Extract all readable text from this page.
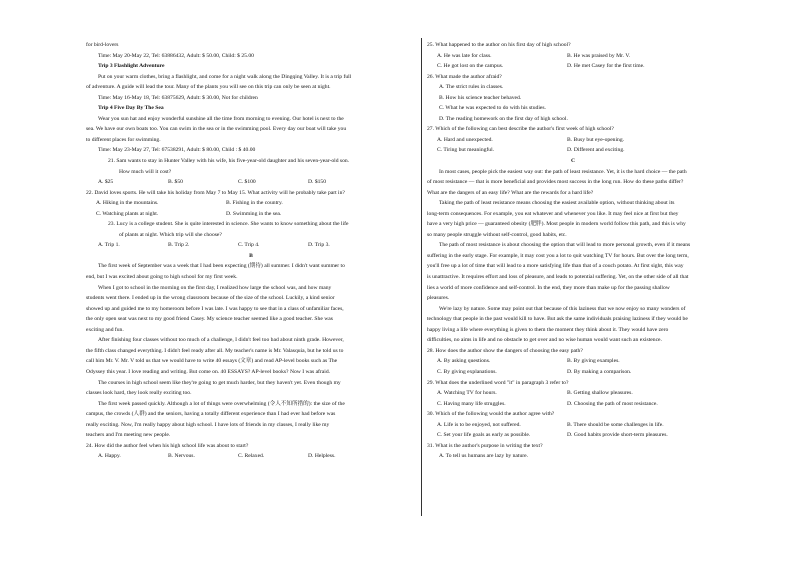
for bird-lovers
Time: May 20-May 22, Tel: 63886432, Adult: $ 50.00, Child: $ 25.00
Trip 3 Flashlight Adventure
Put on your warm clothes, bring a flashlight, and come for a night walk along the Dingqing Valley. It is a trip full
of adventure. A guide will lead the tour. Many of the plants you will see on this trip can only be seen at night.
Time: May 16-May 18, Tel: 63875629, Adult: $ 30.00, Not for children
Trip 4 Five Day By The Sea
Wear you sun hat and enjoy wonderful sunshine all the time from morning to evening. Our hotel is next to the
sea. We have our own boats too. You can swim in the sea or in the swimming pool. Every day our boat will take you
to different places for swimming.
Time: May 23-May 27, Tel: 67538291, Adult: $ 80.00, Child : $ 40.00
21. Sam wants to stay in Hunter Valley with his wife, his five-year-old daughter and his seven-year-old son.
How much will it cost?
A. $25	B. $50	C. $100	D. $150
22. David loves sports. He will take his holiday from May 7 to May 15. What activity will he probably take part in?
A. Hiking in the mountains.	B. Fishing in the country.
C. Watching plants at night.	D. Swimming in the sea.
23. Lucy is a college student. She is quite interested in science. She wants to know something about the life
of plants at night. Which trip will she choose?
A. Trip 1.	B. Trip 2.	C. Trip 4.	D. Trip 3.
B
The first week of September was a week that I had been expecting (期待) all summer. I didn't want summer to
end, but I was excited about going to high school for my first week.
When I got to school in the morning on the first day, I realized how large the school was, and how many
students went there. I ended up in the wrong classroom because of the size of the school. Luckily, a kind senior
showed up and guided me to my homeroom before I was late. I was happy to see that in a class of unfamiliar faces,
the only open seat was next to my good friend Casey. My science teacher seemed like a good teacher. She was
exciting and fun.
After finishing four classes without too much of a challenge, I didn't feel too bad about ninth grade. However,
the fifth class changed everything. I didn't feel ready after all. My teacher's name is Mr. Valasquia, but he told us to
call him Mr. V. Mr. V told us that we would have to write 40 essays (文章) and read AP-level books such as The
Odyssey this year. I love reading and writing. But come on. 40 ESSAYS? AP-level books? Now I was afraid.
The courses in high school seem like they're going to get much harder, but they haven't yet. Even though my
classes look hard, they look really exciting too.
The first week passed quickly. Although a lot of things were overwhelming (令人不知所措的): the size of the
campus, the crowds (人群) and the seniors, having a totally different experience than I had ever had before was
really exciting. Now, I'm really happy about high school. I have lots of friends in my classes, I really like my
teachers and I'm meeting new people.
24. How did the author feel when his high school life was about to start?
A. Happy.	B. Nervous.	C. Relaxed.	D. Helpless.
25. What happened to the author on his first day of high school?
A. He was late for class.	B. He was praised by Mr. V.
C. He got lost on the campus.	D. He met Casey for the first time.
26. What made the author afraid?
A. The strict rules in classes.
B. How his science teacher behaved.
C. What he was expected to do with his studies.
D. The reading homework on the first day of high school.
27. Which of the following can best describe the author's first week of high school?
A. Hard and unexpected.	B. Busy but eye-opening.
C. Tiring but meaningful.	D. Different and exciting.
C
In most cases, people pick the easiest way out: the path of least resistance. Yet, it is the hard choice — the path
of most resistance — that is more beneficial and provides most success in the long run. How do these paths differ?
What are the dangers of an easy life? What are the rewards for a hard life?
Taking the path of least resistance means choosing the easiest available option, without thinking about its
long-term consequences. For example, you eat whatever and whenever you like. It may feel nice at first but they
have a very high price — guaranteed obesity (肥胖). Most people in modern world follow this path, and this is why
so many people struggle without self-control, good habits, etc.
The path of most resistance is about choosing the option that will lead to more personal growth, even if it means
suffering in the early stage. For example, it may cost you a lot to quit watching TV for hours. But over the long term,
you'll free up a lot of time that will lead to a more satisfying life than that of a couch potato. At first sight, this way
is unattractive. It requires effort and loss of pleasure, and leads to potential suffering. Yet, on the other side of all that
lies a world of more confidence and self-control. In the end, they more than make up for the passing shallow
pleasures.
We're lazy by nature. Some may point out that because of this laziness that we now enjoy so many wonders of
technology that people in the past would kill to have. But ask the same individuals praising laziness if they would be
happy living a life where everything is given to them the moment they think about it. They would have zero
difficulties, no aims in life and no obstacle to get over and no wise human would want such an existence.
28. How does the author show the dangers of choosing the easy path?
A. By asking questions.	B. By giving examples.
C. By giving explanations.	D. By making a comparison.
29. What does the underlined word "it" in paragraph 3 refer to?
A. Watching TV for hours.	B. Getting shallow pleasures.
C. Having many life struggles.	D. Choosing the path of most resistance.
30. Which of the following would the author agree with?
A. Life is to be enjoyed, not suffered.	B. There should be some challenges in life.
C. Set your life goals as early as possible.	D. Good habits provide short-term pleasures.
31. What is the author's purpose in writing the text?
A. To tell us humans are lazy by nature.
